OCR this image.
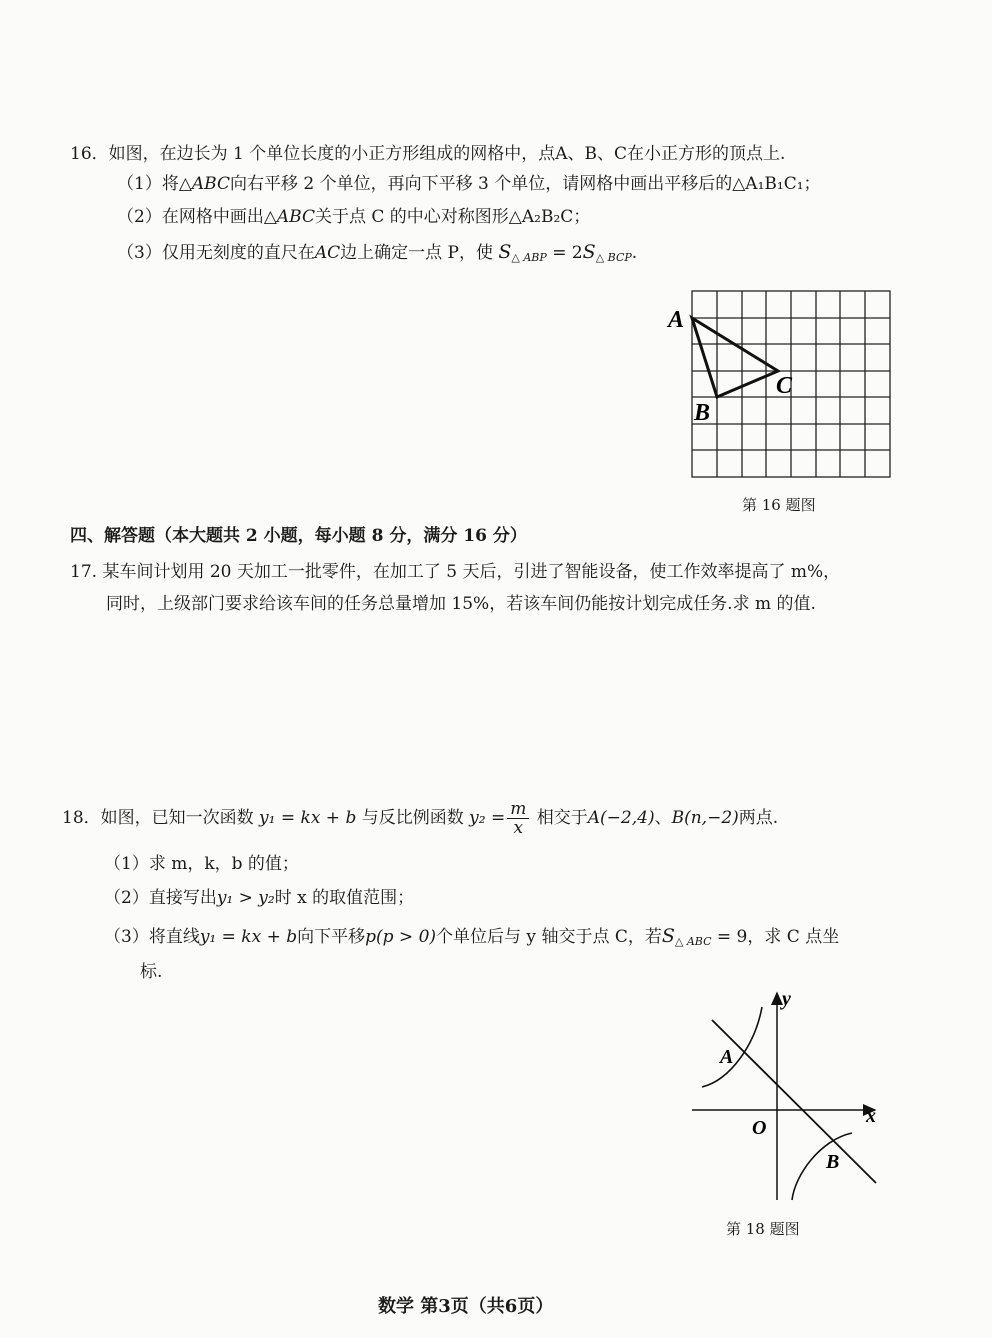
16．如图，在边长为 1 个单位长度的小正方形组成的网格中，点A、B、C在小正方形的顶点上.
（1）将△ABC向右平移 2 个单位，再向下平移 3 个单位，请网格中画出平移后的△A₁B₁C₁；
（2）在网格中画出△ABC关于点 C 的中心对称图形△A₂B₂C；
（3）仅用无刻度的直尺在AC边上确定一点 P，使 $S_{\triangle ABP} = 2S_{\triangle BCP}$.
A
B
C
第 16 题图
四、解答题（本大题共 2 小题，每小题 8 分，满分 16 分）
17. 某车间计划用 20 天加工一批零件，在加工了 5 天后，引进了智能设备，使工作效率提高了 m%，
同时，上级部门要求给该车间的任务总量增加 15%，若该车间仍能按计划完成任务.求 m 的值.
18．如图，已知一次函数 y₁ = kx + b 与反比例函数 $y_2 = \frac{m}{x}$ 相交于A(−2,4)、B(n,−2)两点.
（1）求 m，k，b 的值；
（2）直接写出y₁ > y₂时 x 的取值范围；
（3）将直线y₁ = kx + b向下平移p(p > 0)个单位后与 y 轴交于点 C，若$S_{\triangle ABC} = 9$，求 C 点坐
标.
y
x
O
A
B
第 18 题图
数学 第3页（共6页）
